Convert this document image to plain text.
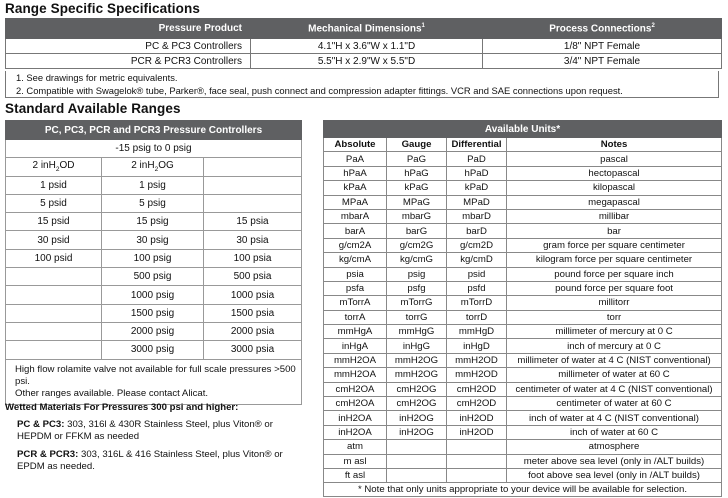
Range Specific Specifications
Pressure Product	Mechanical Dimensions$^1$	Process Connections$^2$
PC & PC3 Controllers	4.1"H x 3.6"W x 1.1"D	1/8" NPT Female
PCR & PCR3 Controllers	5.5"H x 2.9"W x 5.5"D	3/4" NPT Female
1. See drawings for metric equivalents.
2. Compatible with Swagelok® tube, Parker®, face seal, push connect and compression adapter fittings. VCR and SAE connections upon request.
Standard Available Ranges
PC, PC3, PCR and PCR3 Pressure Controllers		
-15 psig to 0 psig		
2 inH$_2$OD	2 inH$_2$OG	
1 psid	1 psig	
5 psid	5 psig	
15 psid	15 psig	15 psia
30 psid	30 psig	30 psia
100 psid	100 psig	100 psia
	500 psig	500 psia
	1000 psig	1000 psia
	1500 psig	1500 psia
	2000 psig	2000 psia
	3000 psig	3000 psia

High flow rolamite valve not available for full scale pressures >500 psi.
Other ranges available. Please contact Alicat.		
Wetted Materials For Pressures 300 psi and higher:

PC & PC3: 303, 316l & 430R Stainless Steel, plus Viton® or HEPDM or FFKM as needed

PCR & PCR3: 303, 316L & 416 Stainless Steel, plus Viton® or EPDM as needed.

Available Units*			
Absolute	Gauge	Differential	Notes
PaA	PaG	PaD	pascal
hPaA	hPaG	hPaD	hectopascal
kPaA	kPaG	kPaD	kilopascal
MPaA	MPaG	MPaD	megapascal
mbarA	mbarG	mbarD	millibar
barA	barG	barD	bar
g/cm2A	g/cm2G	g/cm2D	gram force per square centimeter
kg/cmA	kg/cmG	kg/cmD	kilogram force per square centimeter
psia	psig	psid	pound force per square inch
psfa	psfg	psfd	pound force per square foot
mTorrA	mTorrG	mTorrD	millitorr
torrA	torrG	torrD	torr
mmHgA	mmHgG	mmHgD	millimeter of mercury at 0 C
inHgA	inHgG	inHgD	inch of mercury at 0 C
mmH2OA	mmH2OG	mmH2OD	millimeter of water at 4 C (NIST conventional)
mmH2OA	mmH2OG	mmH2OD	millimeter of water at 60 C
cmH2OA	cmH2OG	cmH2OD	centimeter of water at 4 C (NIST conventional)
cmH2OA	cmH2OG	cmH2OD	centimeter of water at 60 C
inH2OA	inH2OG	inH2OD	inch of water at 4 C (NIST conventional)
inH2OA	inH2OG	inH2OD	inch of water at 60 C
atm			atmosphere
m asl			meter above sea level (only in /ALT builds)
ft asl			foot above sea level (only in /ALT builds)
* Note that only units appropriate to your device will be available for selection.			
